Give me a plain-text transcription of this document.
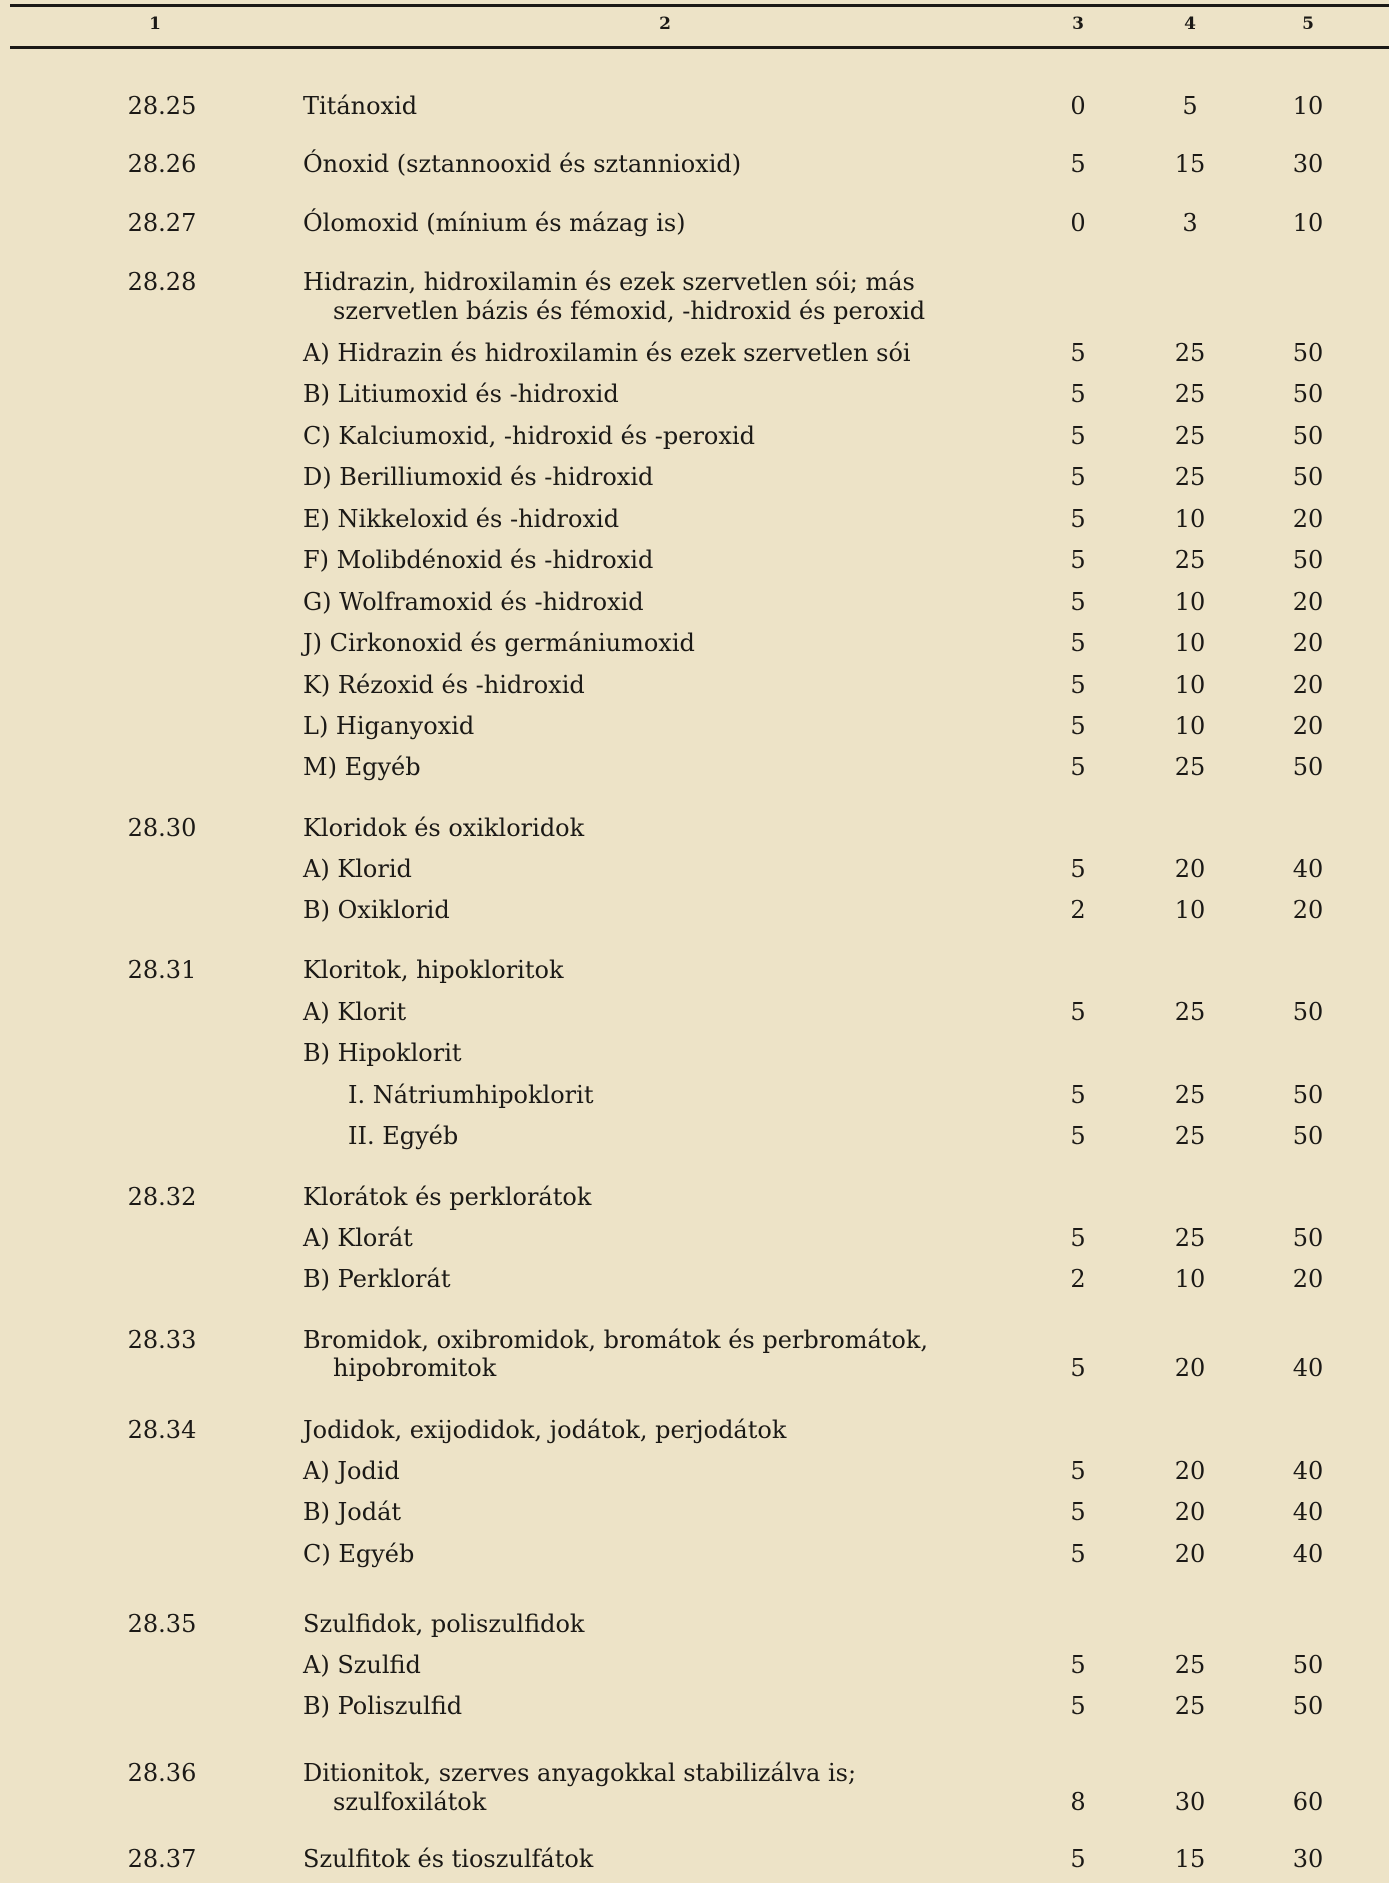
1	2	3	4	5
28.25	Titánoxid	0	5	10
28.26	Ónoxid (sztannooxid és sztannioxid)	5	15	30
28.27	Ólomoxid (mínium és mázag is)	0	3	10
28.28	Hidrazin, hidroxilamin és ezek szervetlen sói; más
szervetlen bázis és fémoxid, -hidroxid és peroxid
A) Hidrazin és hidroxilamin és ezek szervetlen sói	5	25	50
B) Litiumoxid és -hidroxid	5	25	50
C) Kalciumoxid, -hidroxid és -peroxid	5	25	50
D) Berilliumoxid és -hidroxid	5	25	50
E) Nikkeloxid és -hidroxid	5	10	20
F) Molibdénoxid és -hidroxid	5	25	50
G) Wolframoxid és -hidroxid	5	10	20
J) Cirkonoxid és germániumoxid	5	10	20
K) Rézoxid és -hidroxid	5	10	20
L) Higanyoxid	5	10	20
M) Egyéb	5	25	50
28.30	Kloridok és oxikloridok
A) Klorid	5	20	40
B) Oxiklorid	2	10	20
28.31	Kloritok, hipokloritok
A) Klorit	5	25	50
B) Hipoklorit
I. Nátriumhipoklorit	5	25	50
II. Egyéb	5	25	50
28.32	Klorátok és perklorátok
A) Klorát	5	25	50
B) Perklorát	2	10	20
28.33	Bromidok, oxibromidok, bromátok és perbromátok,
hipobromitok	5	20	40
28.34	Jodidok, exijodidok, jodátok, perjodátok
A) Jodid	5	20	40
B) Jodát	5	20	40
C) Egyéb	5	20	40
28.35	Szulfidok, poliszulfidok
A) Szulfid	5	25	50
B) Poliszulfid	5	25	50
28.36	Ditionitok, szerves anyagokkal stabilizálva is;
szulfoxilátok	8	30	60
28.37	Szulfitok és tioszulfátok	5	15	30
